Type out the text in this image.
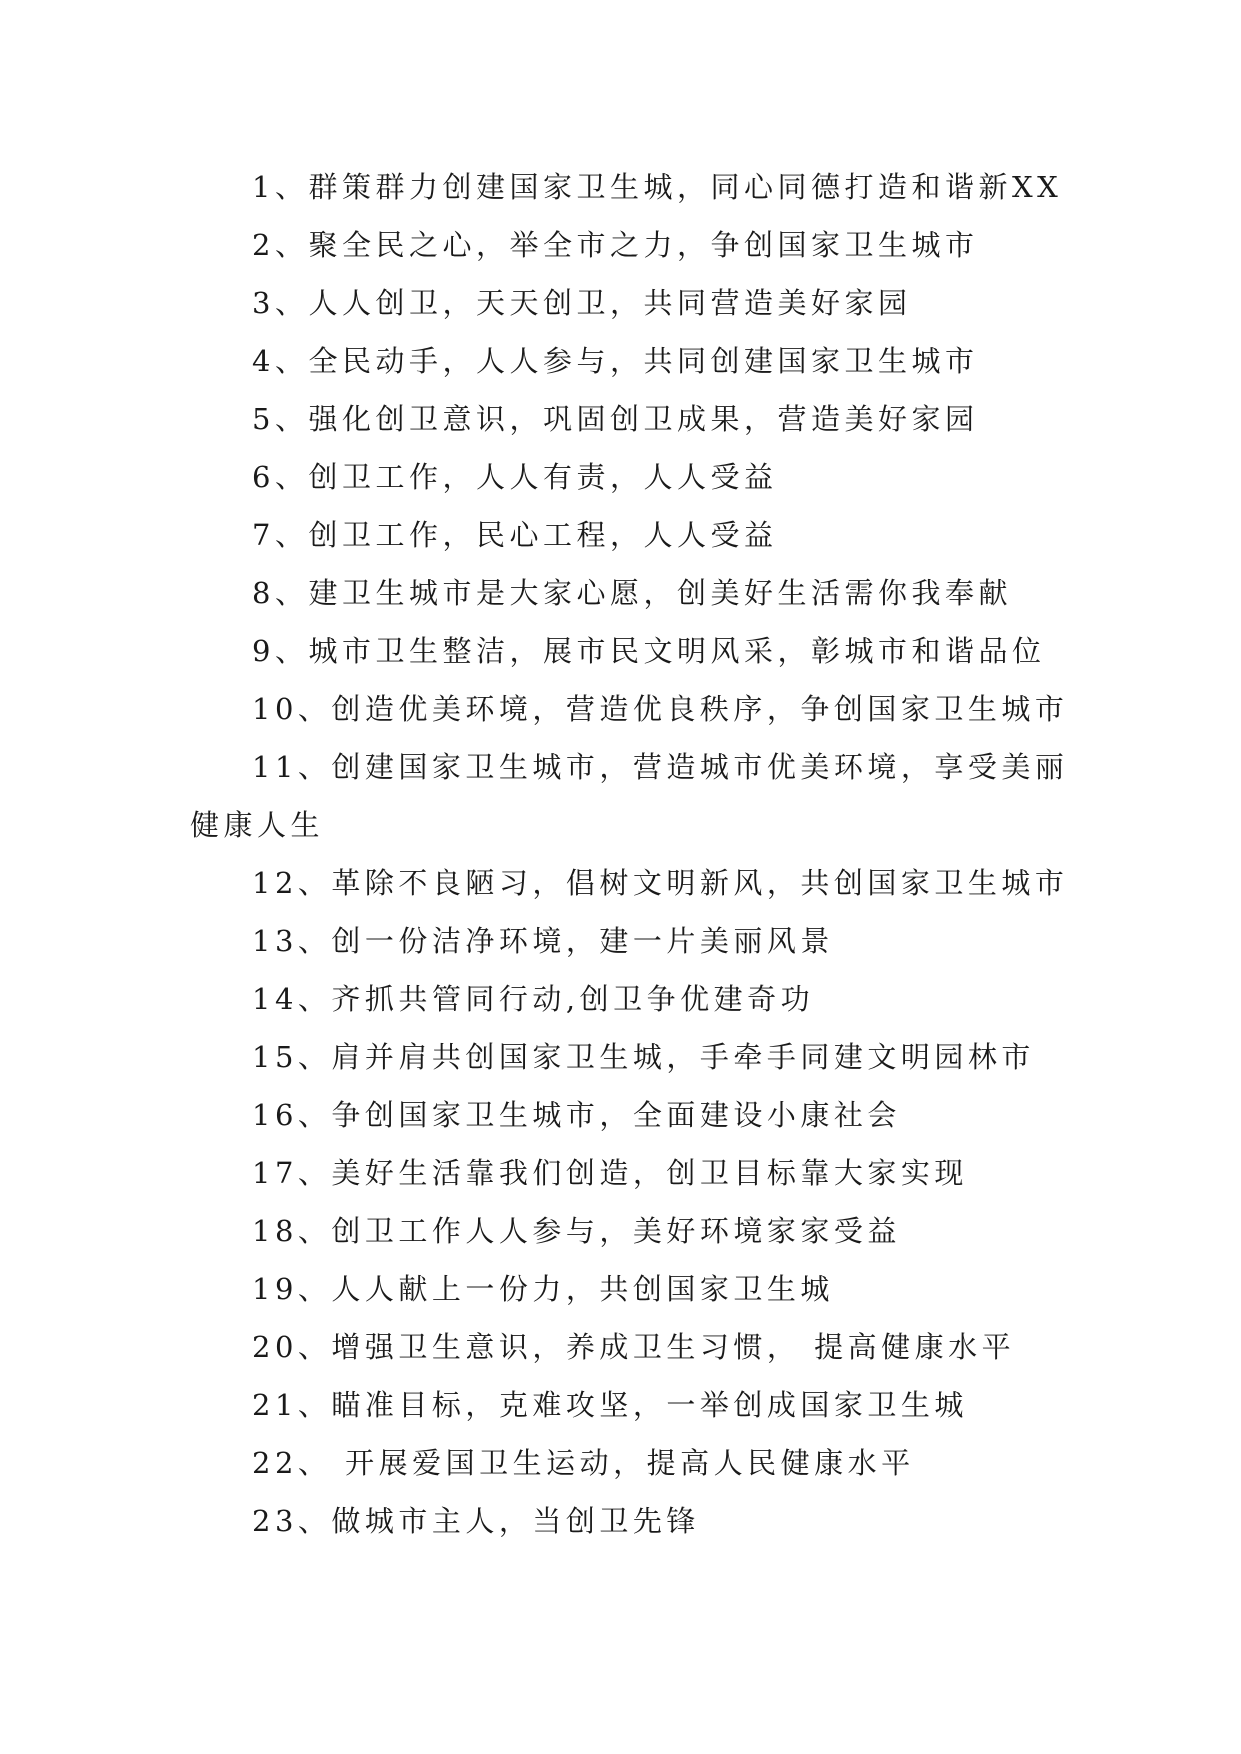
1、群策群力创建国家卫生城，同心同德打造和谐新XX
2、聚全民之心，举全市之力，争创国家卫生城市
3、人人创卫，天天创卫，共同营造美好家园
4、全民动手，人人参与，共同创建国家卫生城市
5、强化创卫意识，巩固创卫成果，营造美好家园
6、创卫工作，人人有责，人人受益
7、创卫工作，民心工程，人人受益
8、建卫生城市是大家心愿，创美好生活需你我奉献
9、城市卫生整洁，展市民文明风采，彰城市和谐品位
10、创造优美环境，营造优良秩序，争创国家卫生城市
11、创建国家卫生城市，营造城市优美环境，享受美丽
健康人生
12、革除不良陋习，倡树文明新风，共创国家卫生城市
13、创一份洁净环境，建一片美丽风景
14、齐抓共管同行动,创卫争优建奇功
15、肩并肩共创国家卫生城，手牵手同建文明园林市
16、争创国家卫生城市，全面建设小康社会
17、美好生活靠我们创造，创卫目标靠大家实现
18、创卫工作人人参与，美好环境家家受益
19、人人献上一份力，共创国家卫生城
20、增强卫生意识，养成卫生习惯， 提高健康水平
21、瞄准目标，克难攻坚，一举创成国家卫生城
22、 开展爱国卫生运动，提高人民健康水平
23、做城市主人，当创卫先锋
